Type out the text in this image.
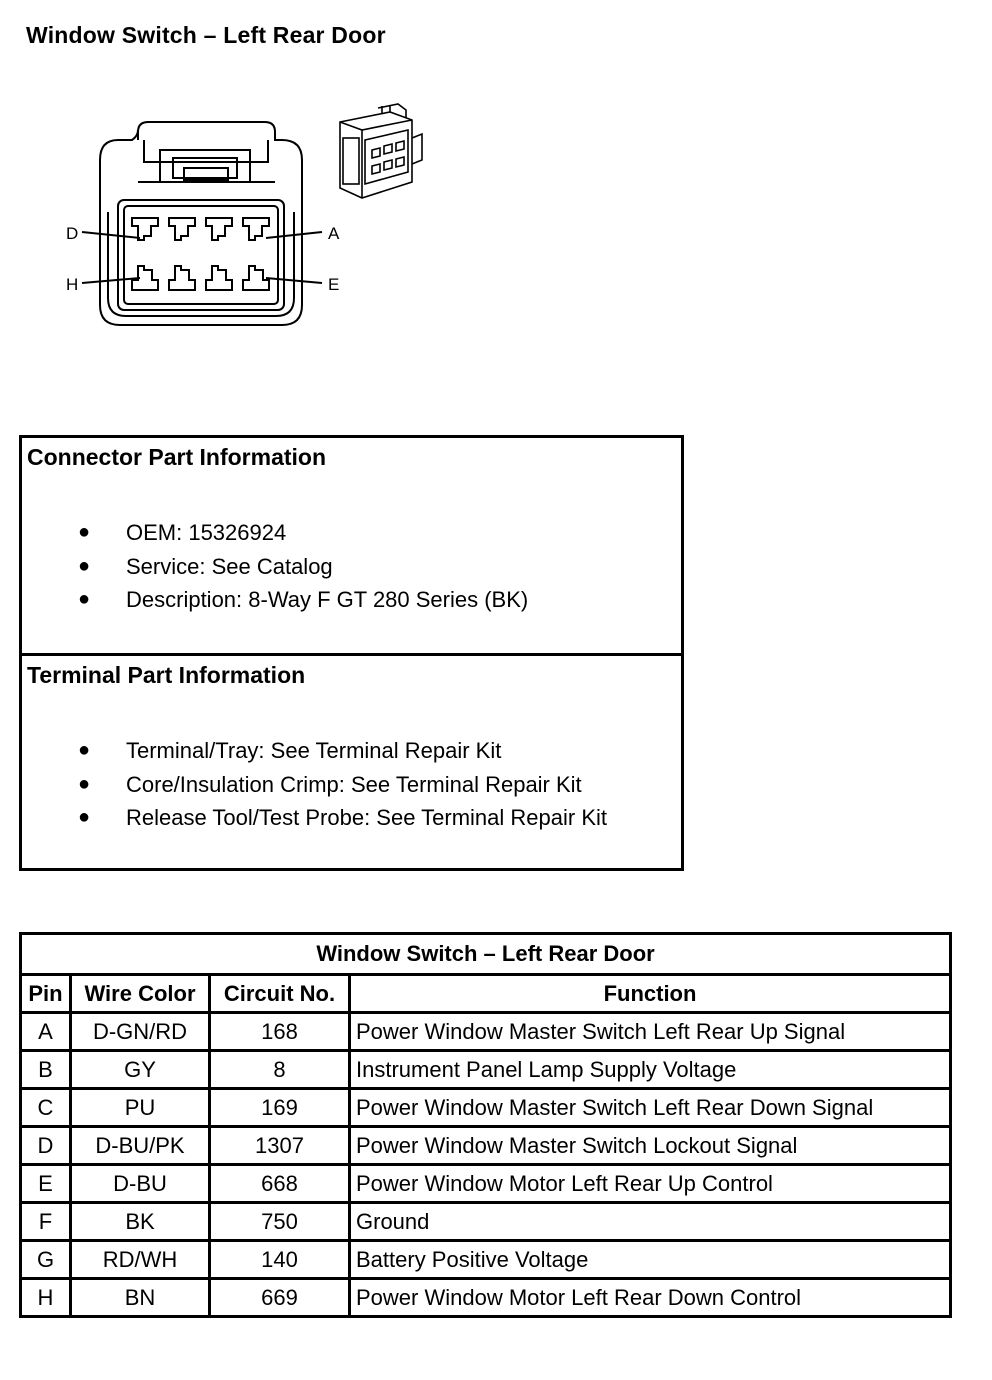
Window Switch – Left Rear Door
D	A
H	E
Connector Part Information
● OEM: 15326924
● Service: See Catalog
● Description: 8-Way F GT 280 Series (BK)
Terminal Part Information
● Terminal/Tray: See Terminal Repair Kit
● Core/Insulation Crimp: See Terminal Repair Kit
● Release Tool/Test Probe: See Terminal Repair Kit
Window Switch – Left Rear Door			
Pin	Wire Color	Circuit No.	Function
A	D-GN/RD	168	Power Window Master Switch Left Rear Up Signal
B	GY	8	Instrument Panel Lamp Supply Voltage
C	PU	169	Power Window Master Switch Left Rear Down Signal
D	D-BU/PK	1307	Power Window Master Switch Lockout Signal
E	D-BU	668	Power Window Motor Left Rear Up Control
F	BK	750	Ground
G	RD/WH	140	Battery Positive Voltage
H	BN	669	Power Window Motor Left Rear Down Control
